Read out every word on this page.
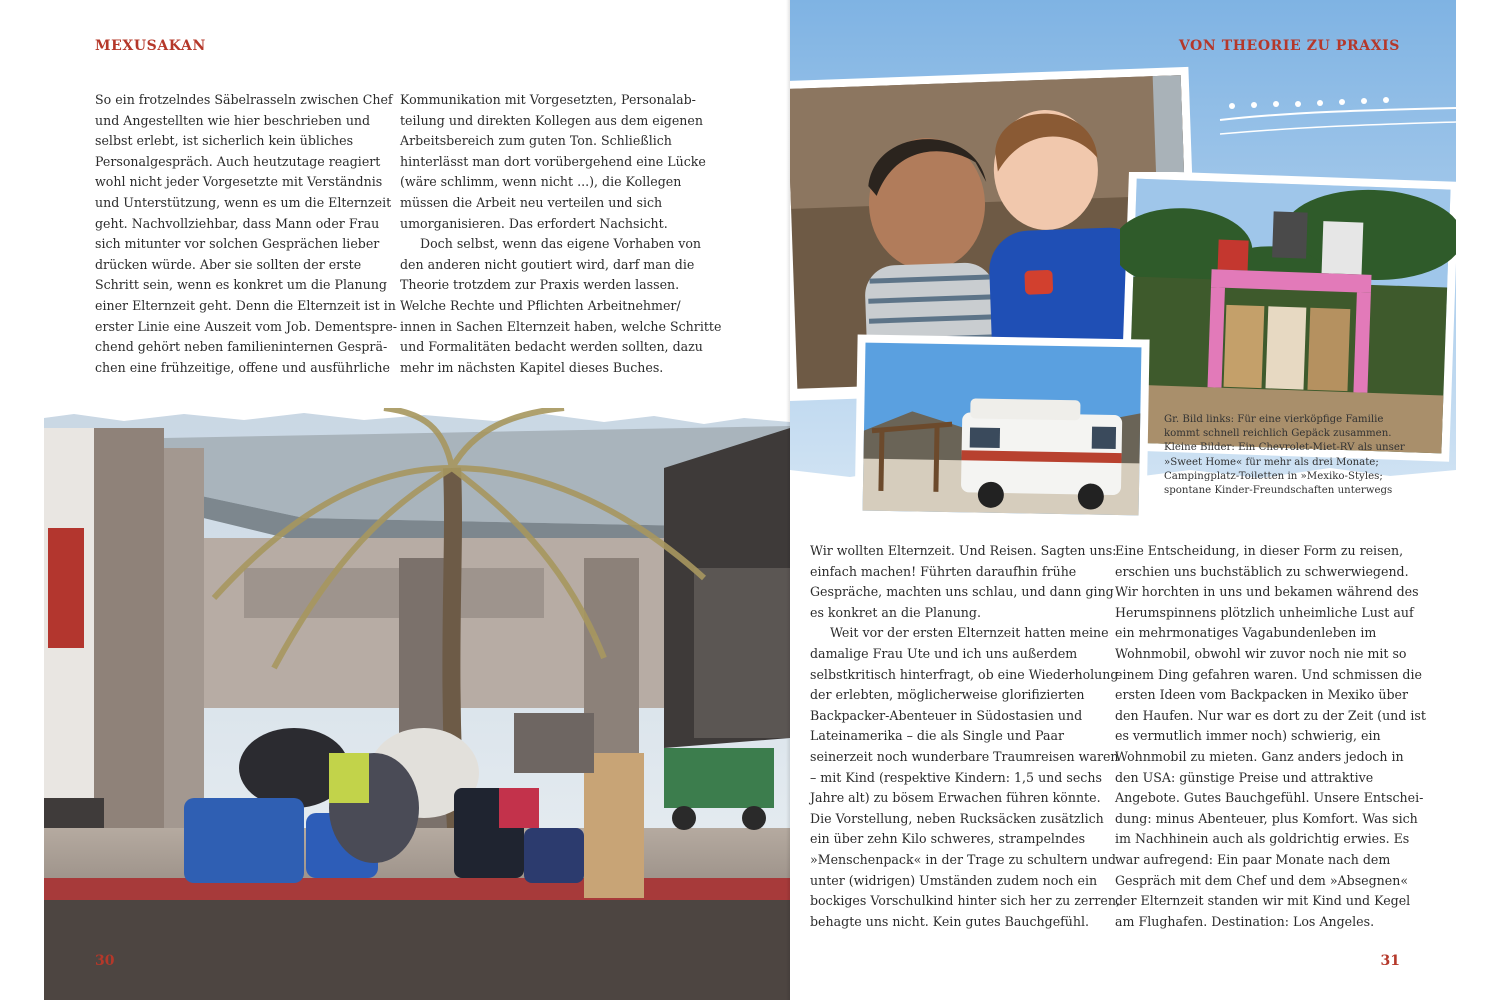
MEXUSAKAN

So ein frotzelndes Säbelrasseln zwischen Chef
und Angestellten wie hier beschrieben und
selbst erlebt, ist sicherlich kein übliches
Personalgespräch. Auch heutzutage reagiert
wohl nicht jeder Vorgesetzte mit Verständnis
und Unterstützung, wenn es um die Elternzeit
geht. Nachvollziehbar, dass Mann oder Frau
sich mitunter vor solchen Gesprächen lieber
drücken würde. Aber sie sollten der erste
Schritt sein, wenn es konkret um die Planung
einer Elternzeit geht. Denn die Elternzeit ist in
erster Linie eine Auszeit vom Job. Dementspre-
chend gehört neben familieninternen Gesprä-
chen eine frühzeitige, offene und ausführliche

Kommunikation mit Vorgesetzten, Personalab-
teilung und direkten Kollegen aus dem eigenen
Arbeitsbereich zum guten Ton. Schließlich
hinterlässt man dort vorübergehend eine Lücke
(wäre schlimm, wenn nicht ...), die Kollegen
müssen die Arbeit neu verteilen und sich
umorganisieren. Das erfordert Nachsicht.

Doch selbst, wenn das eigene Vorhaben von
den anderen nicht goutiert wird, darf man die
Theorie trotzdem zur Praxis werden lassen.
Welche Rechte und Pflichten Arbeitnehmer/
innen in Sachen Elternzeit haben, welche Schritte
und Formalitäten bedacht werden sollten, dazu
mehr im nächsten Kapitel dieses Buches.

30
VON THEORIE ZU PRAXIS
Gr. Bild links: Für eine vierköpfige Familie
kommt schnell reichlich Gepäck zusammen.
Kleine Bilder: Ein Chevrolet-Miet-RV als unser
»Sweet Home« für mehr als drei Monate;
Campingplatz-Toiletten in »Mexiko-Styles;
spontane Kinder-Freundschaften unterwegs

Wir wollten Elternzeit. Und Reisen. Sagten uns:
einfach machen! Führten daraufhin frühe
Gespräche, machten uns schlau, und dann ging
es konkret an die Planung.

Weit vor der ersten Elternzeit hatten meine
damalige Frau Ute und ich uns außerdem
selbstkritisch hinterfragt, ob eine Wiederholung
der erlebten, möglicherweise glorifizierten
Backpacker-Abenteuer in Südostasien und
Lateinamerika – die als Single und Paar
seinerzeit noch wunderbare Traumreisen waren
– mit Kind (respektive Kindern: 1,5 und sechs
Jahre alt) zu bösem Erwachen führen könnte.
Die Vorstellung, neben Rucksäcken zusätzlich
ein über zehn Kilo schweres, strampelndes
»Menschenpack« in der Trage zu schultern und
unter (widrigen) Umständen zudem noch ein
bockiges Vorschulkind hinter sich her zu zerren,
behagte uns nicht. Kein gutes Bauchgefühl.

Eine Entscheidung, in dieser Form zu reisen,
erschien uns buchstäblich zu schwerwiegend.
Wir horchten in uns und bekamen während des
Herumspinnens plötzlich unheimliche Lust auf
ein mehrmonatiges Vagabundenleben im
Wohnmobil, obwohl wir zuvor noch nie mit so
einem Ding gefahren waren. Und schmissen die
ersten Ideen vom Backpacken in Mexiko über
den Haufen. Nur war es dort zu der Zeit (und ist
es vermutlich immer noch) schwierig, ein
Wohnmobil zu mieten. Ganz anders jedoch in
den USA: günstige Preise und attraktive
Angebote. Gutes Bauchgefühl. Unsere Entschei-
dung: minus Abenteuer, plus Komfort. Was sich
im Nachhinein auch als goldrichtig erwies. Es
war aufregend: Ein paar Monate nach dem
Gespräch mit dem Chef und dem »Absegnen«
der Elternzeit standen wir mit Kind und Kegel
am Flughafen. Destination: Los Angeles.

31
